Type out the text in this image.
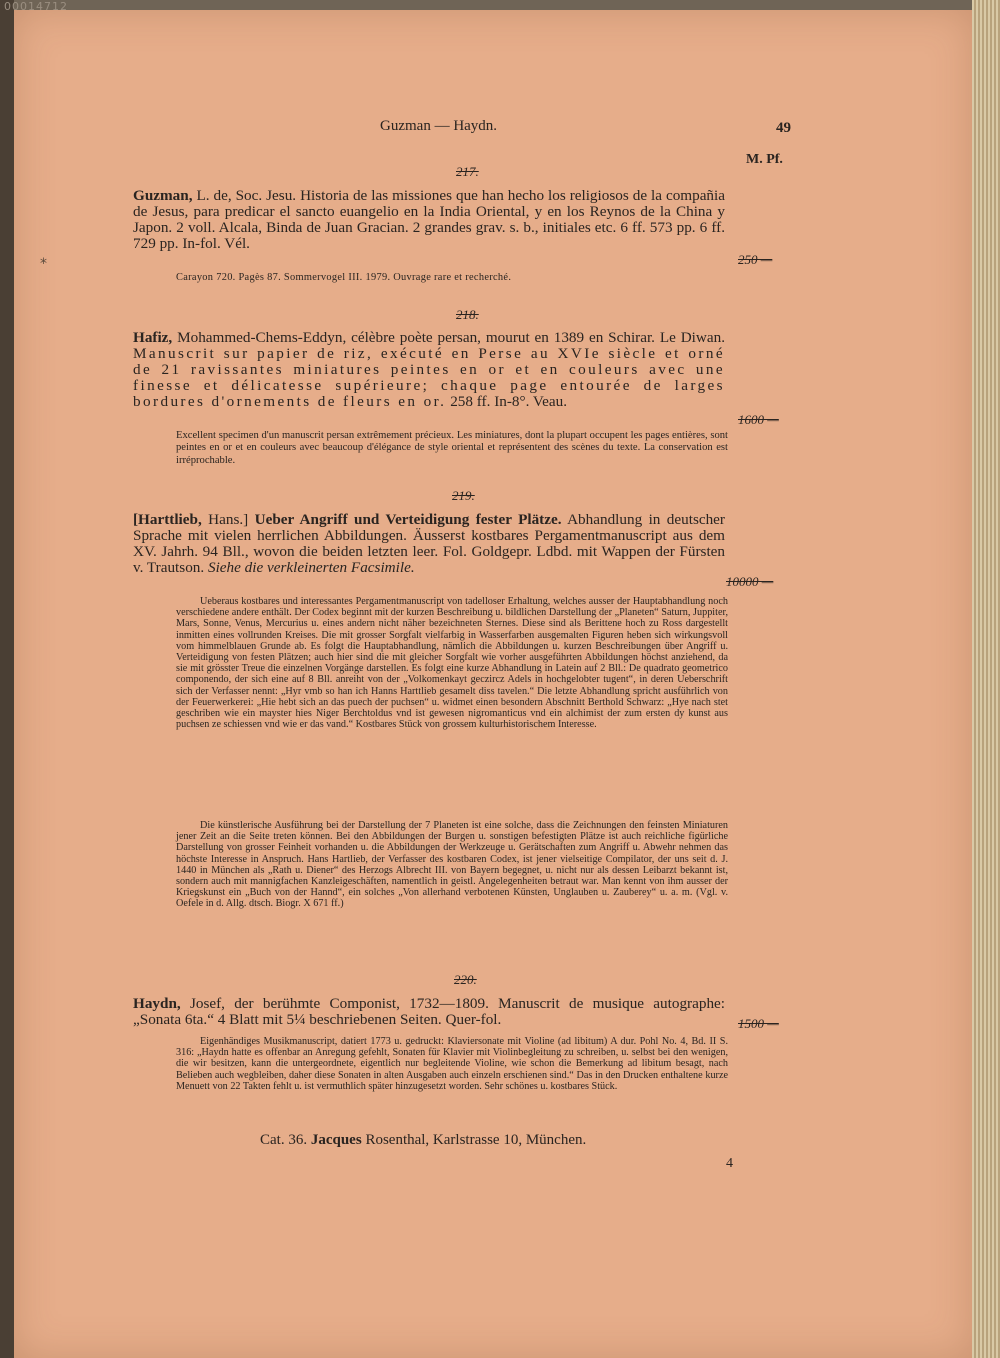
00014712
Guzman — Haydn.	49
M. Pf.
*
217.
Guzman, L. de, Soc. Jesu. Historia de las missiones que han hecho los religiosos de la compañia de Jesus, para predicar el sancto euangelio en la India Oriental, y en los Reynos de la China y Japon. 2 voll. Alcala, Binda de Juan Gracian. 2 grandes grav. s. b., initiales etc. 6 ff. 573 pp. 6 ff. 729 pp. In-fol. Vél.
Carayon 720. Pagès 87. Sommervogel III. 1979. Ouvrage rare et recherché.
250 —
218.
Hafiz, Mohammed-Chems-Eddyn, célèbre poète persan, mourut en 1389 en Schirar. Le Diwan. Manuscrit sur papier de riz, exécuté en Perse au XVIe siècle et orné de 21 ravissantes miniatures peintes en or et en couleurs avec une finesse et délicatesse supérieure; chaque page entourée de larges bordures d'ornements de fleurs en or. 258 ff. In-8°. Veau.
Excellent specimen d'un manuscrit persan extrêmement précieux. Les miniatures, dont la plupart occupent les pages entières, sont peintes en or et en couleurs avec beaucoup d'élégance de style oriental et représentent des scènes du texte. La conservation est irréprochable.
1600 —
219.
[Harttlieb, Hans.] Ueber Angriff und Verteidigung fester Plätze. Abhandlung in deutscher Sprache mit vielen herrlichen Abbildungen. Äusserst kostbares Pergamentmanuscript aus dem XV. Jahrh. 94 Bll., wovon die beiden letzten leer. Fol. Goldgepr. Ldbd. mit Wappen der Fürsten v. Trautson. Siehe die verkleinerten Facsimile.
10000 —
Ueberaus kostbares und interessantes Pergamentmanuscript von tadelloser Erhaltung, welches ausser der Hauptabhandlung noch verschiedene andere enthält. Der Codex beginnt mit der kurzen Beschreibung u. bildlichen Darstellung der „Planeten“ Saturn, Juppiter, Mars, Sonne, Venus, Mercurius u. eines andern nicht näher bezeichneten Sternes. Diese sind als Berittene hoch zu Ross dargestellt inmitten eines vollrunden Kreises. Die mit grosser Sorgfalt vielfarbig in Wasserfarben ausgemalten Figuren heben sich wirkungsvoll vom himmelblauen Grunde ab. Es folgt die Hauptabhandlung, nämlich die Abbildungen u. kurzen Beschreibungen über Angriff u. Verteidigung von festen Plätzen; auch hier sind die mit gleicher Sorgfalt wie vorher ausgeführten Abbildungen höchst anziehend, da sie mit grösster Treue die einzelnen Vorgänge darstellen. Es folgt eine kurze Abhandlung in Latein auf 2 Bll.: De quadrato geometrico componendo, der sich eine auf 8 Bll. anreiht von der „Volkomenkayt geczircz Adels in hochgelobter tugent“, in deren Ueberschrift sich der Verfasser nennt: „Hyr vmb so han ich Hanns Harttlieb gesamelt diss tavelen.“ Die letzte Abhandlung spricht ausführlich von der Feuerwerkerei: „Hie hebt sich an das puech der puchsen“ u. widmet einen besondern Abschnitt Berthold Schwarz: „Hye nach stet geschriben wie ein mayster hies Niger Berchtoldus vnd ist gewesen nigromanticus vnd ein alchimist der zum ersten dy kunst aus puchsen ze schiessen vnd wie er das vand.“ Kostbares Stück von grossem kulturhistorischem Interesse.
Die künstlerische Ausführung bei der Darstellung der 7 Planeten ist eine solche, dass die Zeichnungen den feinsten Miniaturen jener Zeit an die Seite treten können. Bei den Abbildungen der Burgen u. sonstigen befestigten Plätze ist auch reichliche figürliche Darstellung von grosser Feinheit vorhanden u. die Abbildungen der Werkzeuge u. Gerätschaften zum Angriff u. Abwehr nehmen das höchste Interesse in Anspruch. Hans Hartlieb, der Verfasser des kostbaren Codex, ist jener vielseitige Compilator, der uns seit d. J. 1440 in München als „Rath u. Diener“ des Herzogs Albrecht III. von Bayern begegnet, u. nicht nur als dessen Leibarzt bekannt ist, sondern auch mit mannigfachen Kanzleigeschäften, namentlich in geistl. Angelegenheiten betraut war. Man kennt von ihm ausser der Kriegskunst ein „Buch von der Hannd“, ein solches „Von allerhand verbotenen Künsten, Unglauben u. Zauberey“ u. a. m. (Vgl. v. Oefele in d. Allg. dtsch. Biogr. X 671 ff.)
220.
Haydn, Josef, der berühmte Componist, 1732—1809. Manuscrit de musique autographe: „Sonata 6ta.“ 4 Blatt mit 5¼ beschriebenen Seiten. Quer-fol.	1500 —
Eigenhändiges Musikmanuscript, datiert 1773 u. gedruckt: Klaviersonate mit Violine (ad libitum) A dur. Pohl No. 4, Bd. II S. 316: „Haydn hatte es offenbar an Anregung gefehlt, Sonaten für Klavier mit Violinbegleitung zu schreiben, u. selbst bei den wenigen, die wir besitzen, kann die untergeordnete, eigentlich nur begleitende Violine, wie schon die Bemerkung ad libitum besagt, nach Belieben auch wegbleiben, daher diese Sonaten in alten Ausgaben auch einzeln erschienen sind.“ Das in den Drucken enthaltene kurze Menuett von 22 Takten fehlt u. ist vermuthlich später hinzugesetzt worden. Sehr schönes u. kostbares Stück.
Cat. 36. Jacques Rosenthal, Karlstrasse 10, München.
4
